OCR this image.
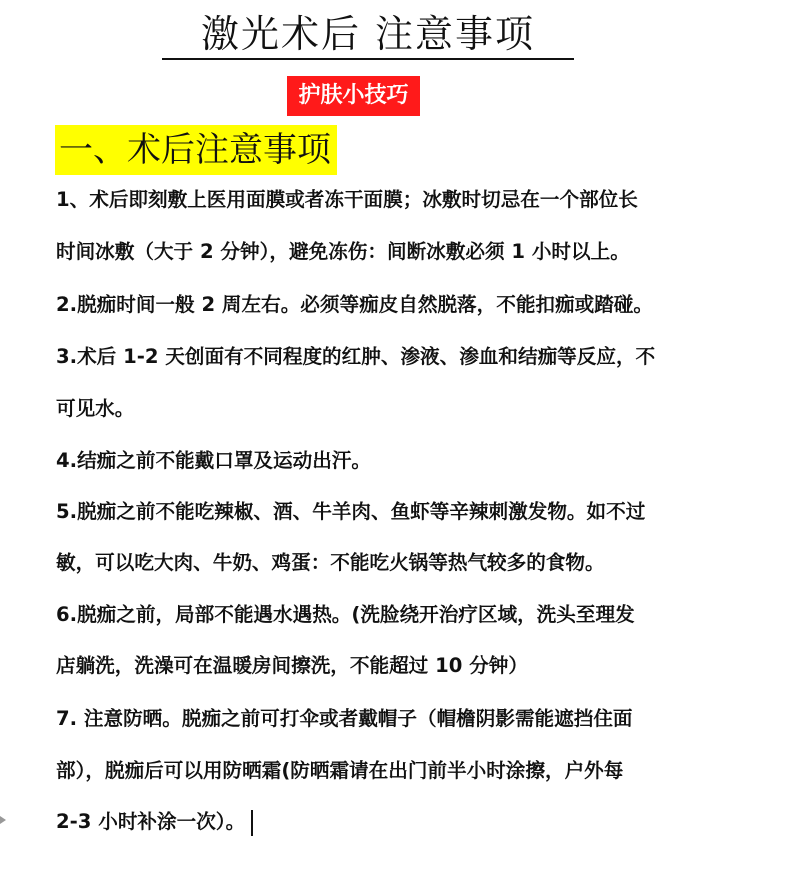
激光术后 注意事项
护肤小技巧
一、术后注意事项
1、术后即刻敷上医用面膜或者冻干面膜；冰敷时切忌在一个部位长
时间冰敷（大于 2 分钟），避免冻伤：间断冰敷必须 1 小时以上。
2.脱痂时间一般 2 周左右。必须等痂皮自然脱落，不能扣痂或踏碰。
3.术后 1-2 天创面有不同程度的红肿、渗液、渗血和结痂等反应，不
可见水。
4.结痂之前不能戴口罩及运动出汗。
5.脱痂之前不能吃辣椒、酒、牛羊肉、鱼虾等辛辣刺激发物。如不过
敏，可以吃大肉、牛奶、鸡蛋：不能吃火锅等热气较多的食物。
6.脱痂之前，局部不能遇水遇热。(洗脸绕开治疗区域，洗头至理发
店躺洗，洗澡可在温暖房间擦洗，不能超过 10 分钟）
7. 注意防晒。脱痂之前可打伞或者戴帽子（帽檐阴影需能遮挡住面
部），脱痂后可以用防晒霜(防晒霜请在出门前半小时涂擦，户外每
2-3 小时补涂一次）。
